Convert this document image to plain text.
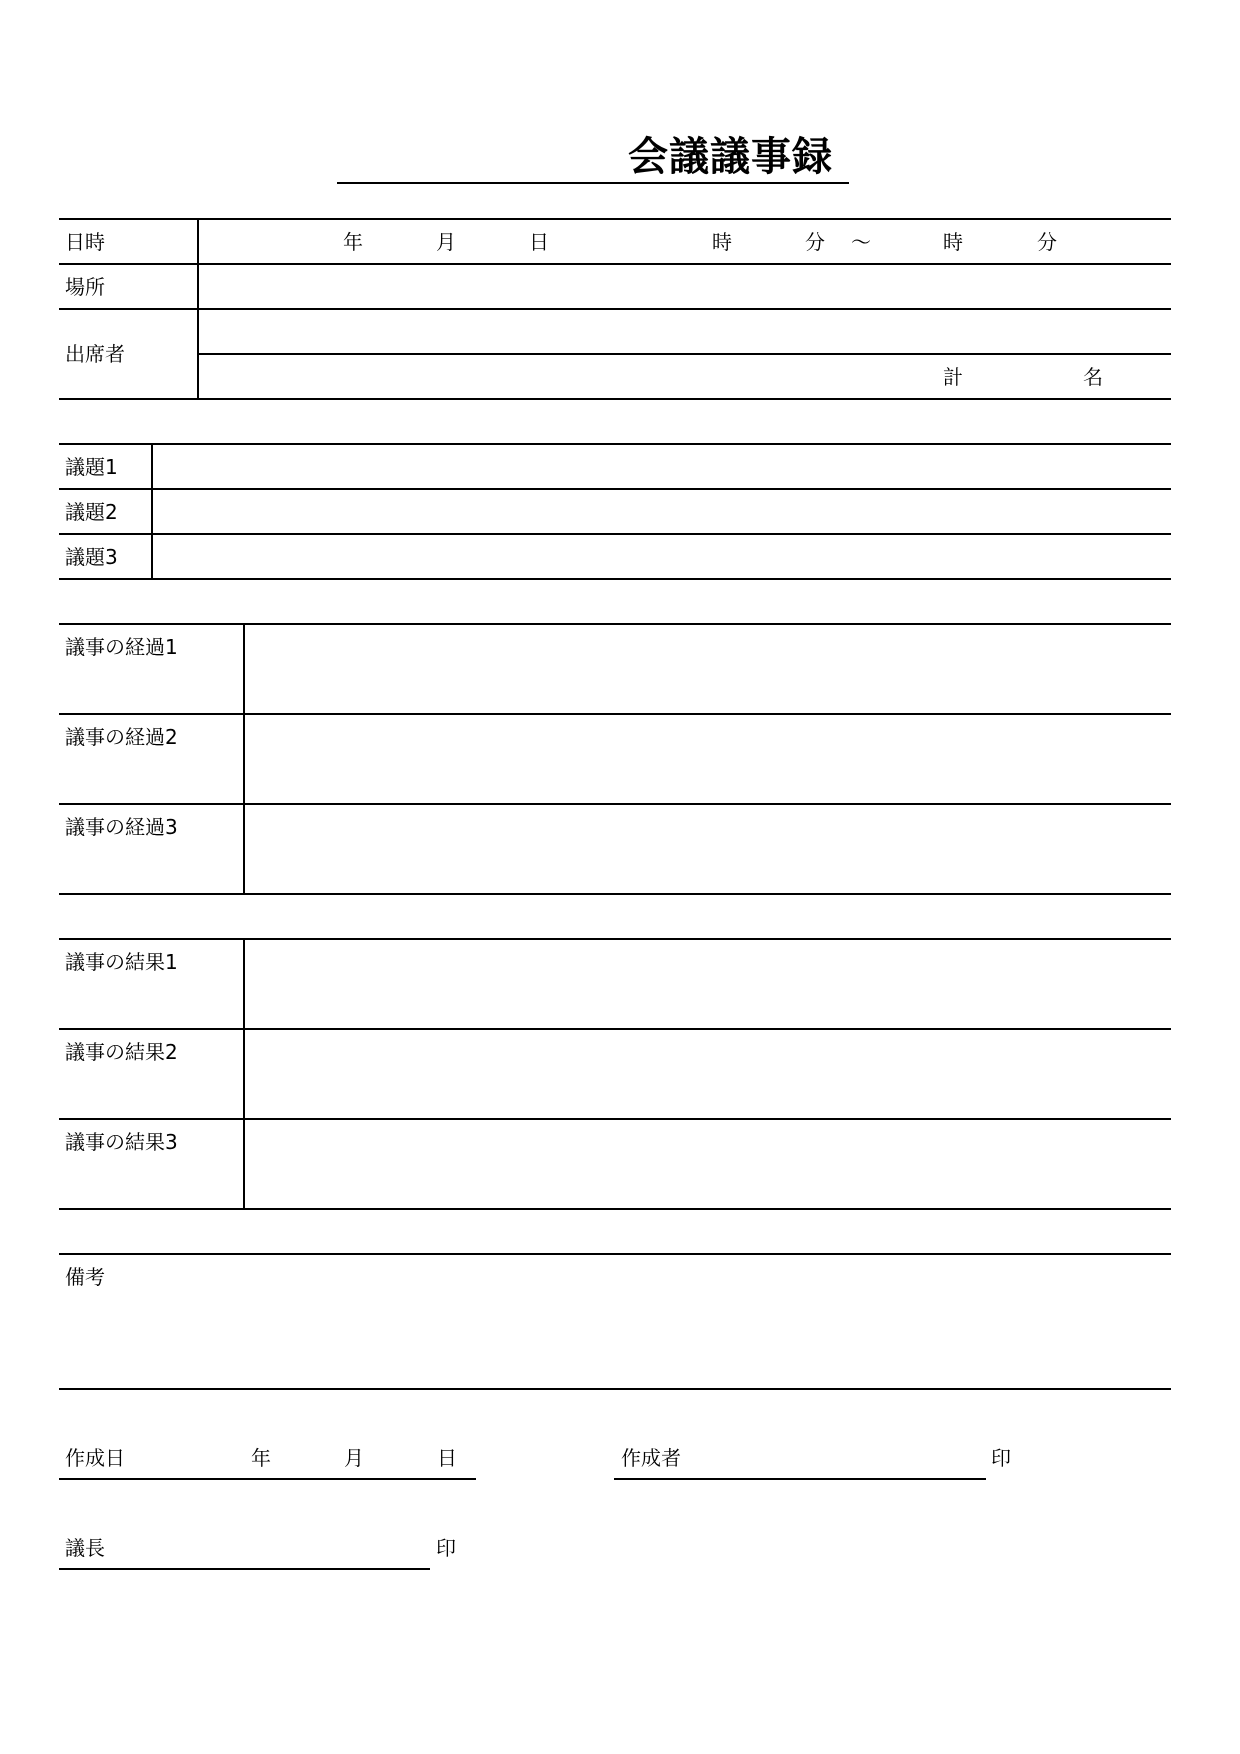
会議議事録
日時	年	月	日	時	分 〜	時	分
場所
出席者
計	名
議題1
議題2
議題3
議事の経過1
議事の経過2
議事の経過3
議事の結果1
議事の結果2
議事の結果3
備考
作成日	年	月	日	作成者	印
議長	印
